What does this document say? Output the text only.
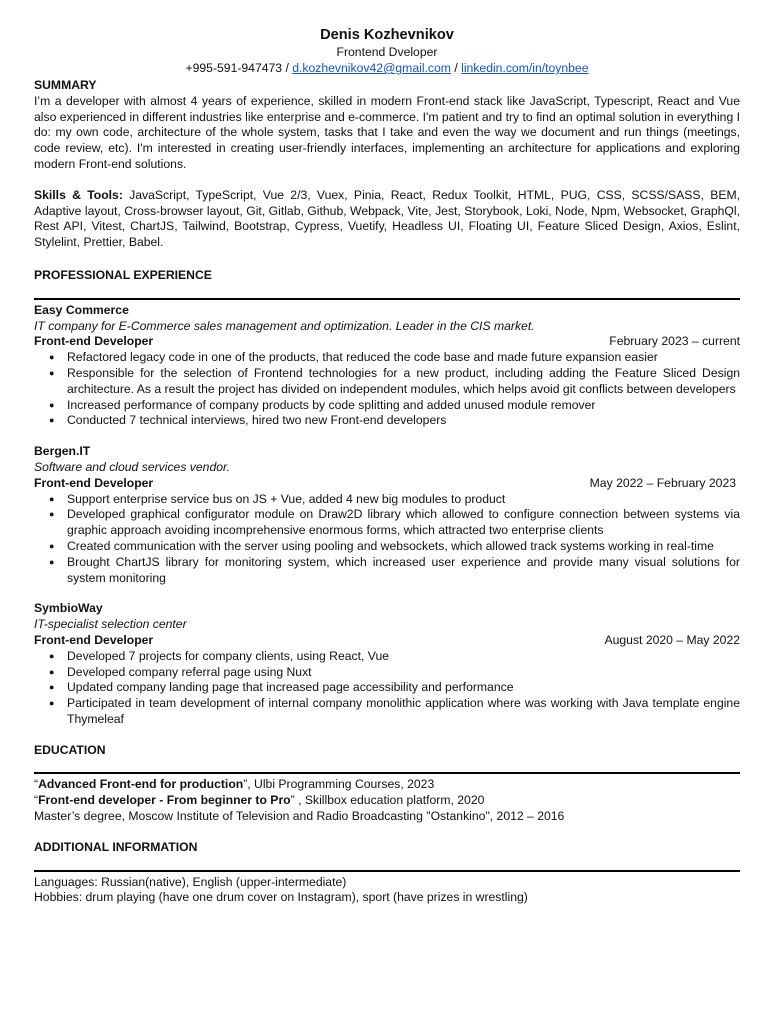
Denis Kozhevnikov
Frontend Dveloper
+995-591-947473 / d.kozhevnikov42@gmail.com / linkedin.com/in/toynbee
SUMMARY
I’m a developer with almost 4 years of experience, skilled in modern Front-end stack like JavaScript, Typescript, React and Vue also experienced in different industries like enterprise and e-commerce. I'm patient and try to find an optimal solution in everything I do: my own code, architecture of the whole system, tasks that I take and even the way we document and run things (meetings, code review, etc). I'm interested in creating user-friendly interfaces, implementing an architecture for applications and exploring modern Front-end solutions.
Skills & Tools: JavaScript, TypeScript, Vue 2/3, Vuex, Pinia, React, Redux Toolkit, HTML, PUG, CSS, SCSS/SASS, BEM, Adaptive layout, Cross-browser layout, Git, Gitlab, Github, Webpack, Vite, Jest, Storybook, Loki, Node, Npm, Websocket, GraphQl, Rest API, Vitest, ChartJS, Tailwind, Bootstrap, Cypress, Vuetify, Headless UI, Floating UI, Feature Sliced Design, Axios, Eslint, Stylelint, Prettier, Babel.
PROFESSIONAL EXPERIENCE
Easy Commerce
IT company for E-Commerce sales management and optimization. Leader in the CIS market.
Front-end Developer	February 2023 – current
● Refactored legacy code in one of the products, that reduced the code base and made future expansion easier
● Responsible for the selection of Frontend technologies for a new product, including adding the Feature Sliced Design architecture. As a result the project has divided on independent modules, which helps avoid git conflicts between developers
● Increased performance of company products by code splitting and added unused module remover
● Conducted 7 technical interviews, hired two new Front-end developers
Bergen.IT
Software and cloud services vendor.
Front-end Developer	May 2022 – February 2023
● Support enterprise service bus on JS + Vue, added 4 new big modules to product
● Developed graphical configurator module on Draw2D library which allowed to configure connection between systems via graphic approach avoiding incomprehensive enormous forms, which attracted two enterprise clients
● Created communication with the server using pooling and websockets, which allowed track systems working in real-time
● Brought ChartJS library for monitoring system, which increased user experience and provide many visual solutions for system monitoring
SymbioWay
IT-specialist selection center
Front-end Developer	August 2020 – May 2022
● Developed 7 projects for company clients, using React, Vue
● Developed company referral page using Nuxt
● Updated company landing page that increased page accessibility and performance
● Participated in team development of internal company monolithic application where was working with Java template engine Thymeleaf
EDUCATION
“Advanced Front-end for production”, Ulbi Programming Courses, 2023
“Front-end developer - From beginner to Pro” , Skillbox education platform, 2020
Master’s degree, Moscow Institute of Television and Radio Broadcasting "Ostankino", 2012 – 2016
ADDITIONAL INFORMATION
Languages: Russian(native), English (upper-intermediate)
Hobbies: drum playing (have one drum cover on Instagram), sport (have prizes in wrestling)
